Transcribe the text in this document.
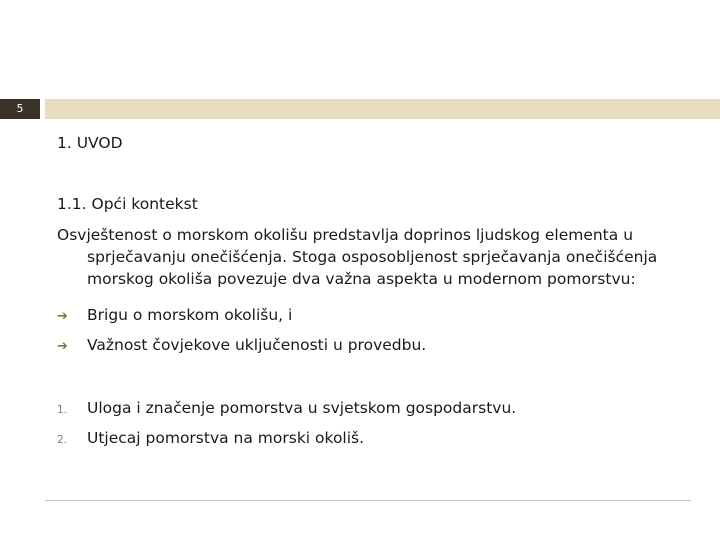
5
1. UVOD
1.1. Opći kontekst
Osvještenost o morskom okolišu predstavlja doprinos ljudskog elementa u
sprječavanju onečišćenja. Stoga osposobljenost sprječavanja onečišćenja
morskog okoliša povezuje dva važna aspekta u modernom pomorstvu:
➔ Brigu o morskom okolišu, i
➔ Važnost čovjekove uključenosti u provedbu.
1. Uloga i značenje pomorstva u svjetskom gospodarstvu.
2. Utjecaj pomorstva na morski okoliš.
